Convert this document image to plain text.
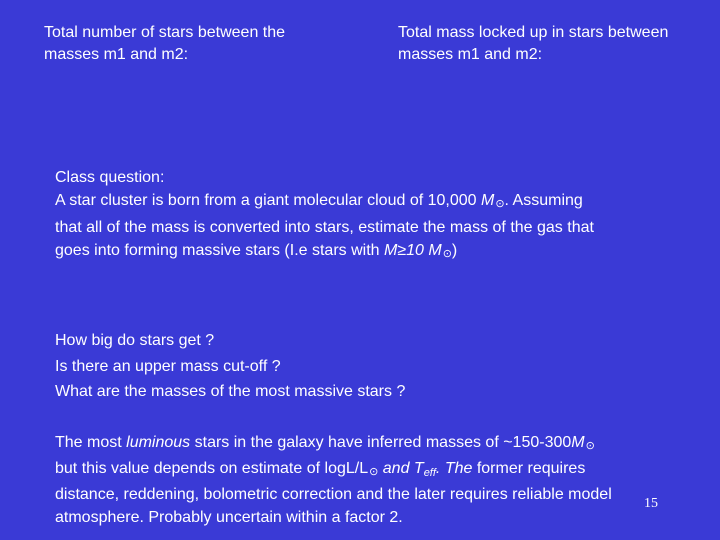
Total number of stars between the
masses m1 and m2:
Total mass locked up in stars between
masses m1 and m2:
Class question:
A star cluster is born from a giant molecular cloud of 10,000 M⊙. Assuming
that all of the mass is converted into stars, estimate the mass of the gas that
goes into forming massive stars (I.e stars with M≥10 M⊙)
How big do stars get ?
Is there an upper mass cut-off ?
What are the masses of the most massive stars ?
The most luminous stars in the galaxy have inferred masses of ~150-300M⊙
but this value depends on estimate of logL/L⊙ and $T_{eff}$. The former requires
distance, reddening, bolometric correction and the later requires reliable model
atmosphere. Probably uncertain within a factor 2.
15
